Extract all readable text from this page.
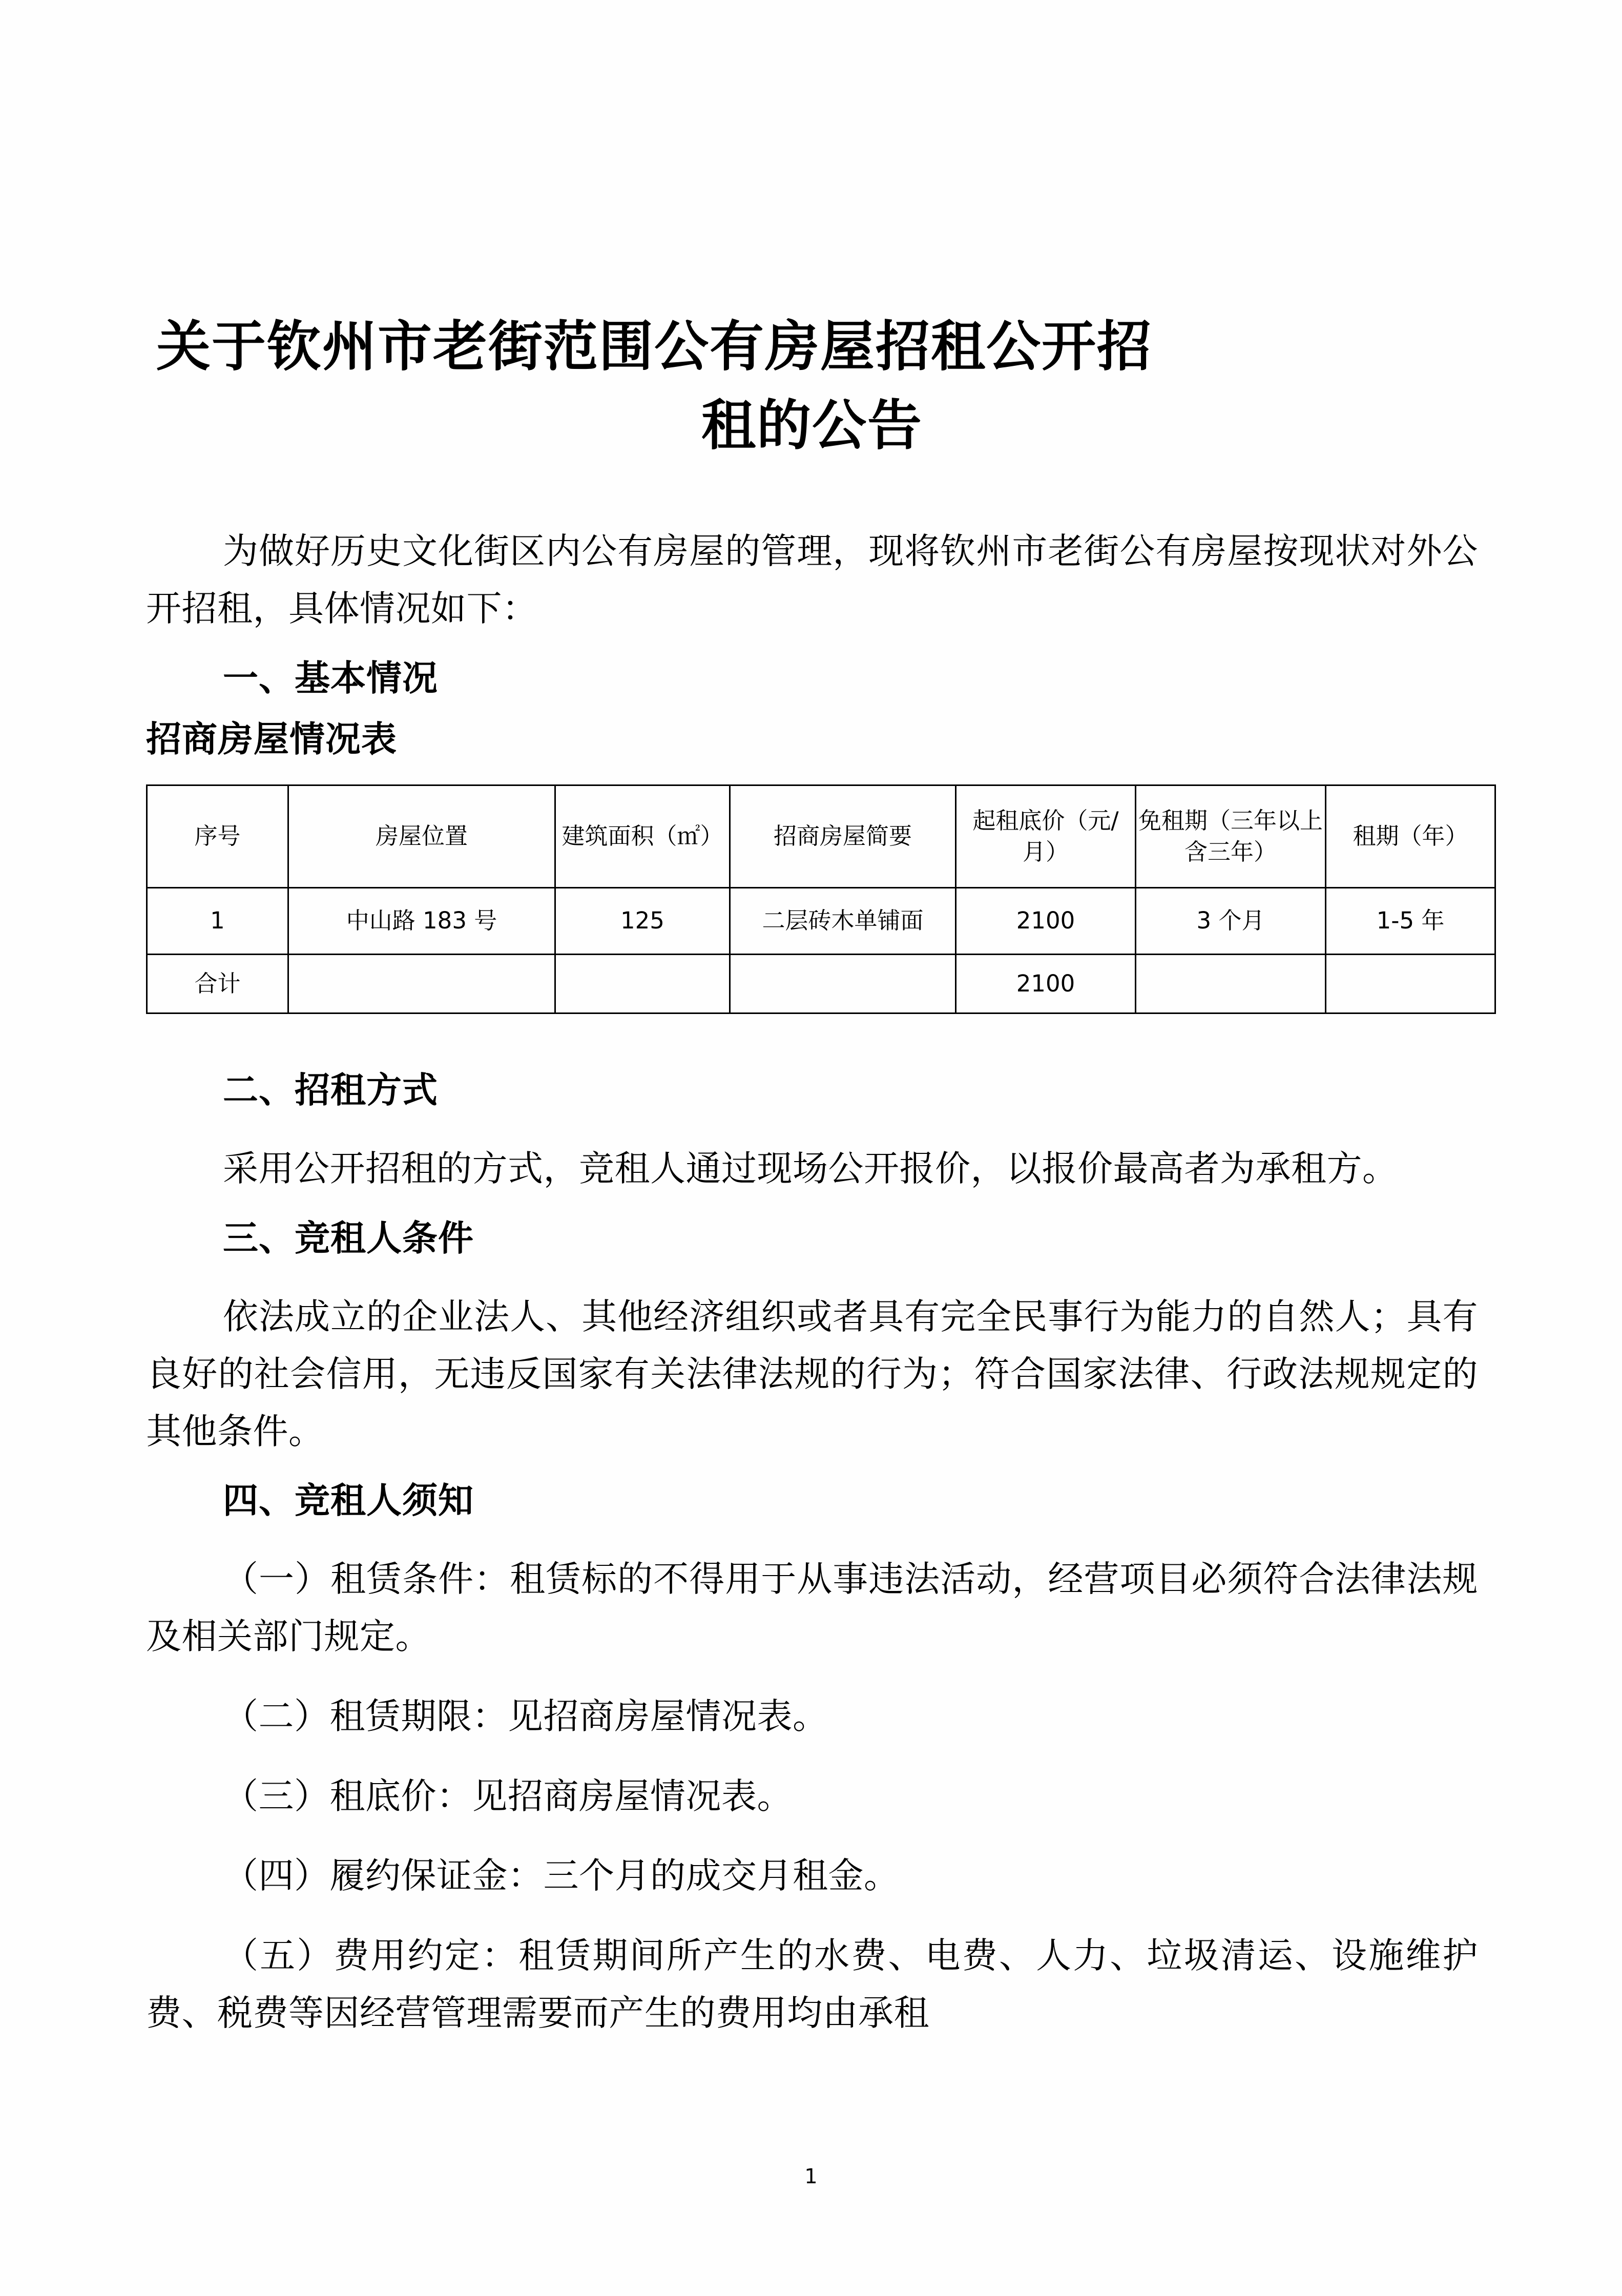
关于钦州市老街范围公有房屋招租公开招
租的公告
为做好历史文化街区内公有房屋的管理，现将钦州市老街公有房屋按现状对外公开招租，具体情况如下：
一、基本情况
招商房屋情况表
序号	房屋位置	建筑面积（㎡）	招商房屋简要	起租底价（元/月）	免租期（三年以上含三年）	租期（年）
1	中山路 183 号	125	二层砖木单铺面	2100	3 个月	1-5 年
合计				2100		
二、招租方式
采用公开招租的方式，竞租人通过现场公开报价，以报价最高者为承租方。
三、竞租人条件
依法成立的企业法人、其他经济组织或者具有完全民事行为能力的自然人；具有良好的社会信用，无违反国家有关法律法规的行为；符合国家法律、行政法规规定的其他条件。
四、竞租人须知
（一）租赁条件：租赁标的不得用于从事违法活动，经营项目必须符合法律法规及相关部门规定。
（二）租赁期限：见招商房屋情况表。
（三）租底价：见招商房屋情况表。
（四）履约保证金：三个月的成交月租金。
（五）费用约定：租赁期间所产生的水费、电费、人力、垃圾清运、设施维护费、税费等因经营管理需要而产生的费用均由承租
1
